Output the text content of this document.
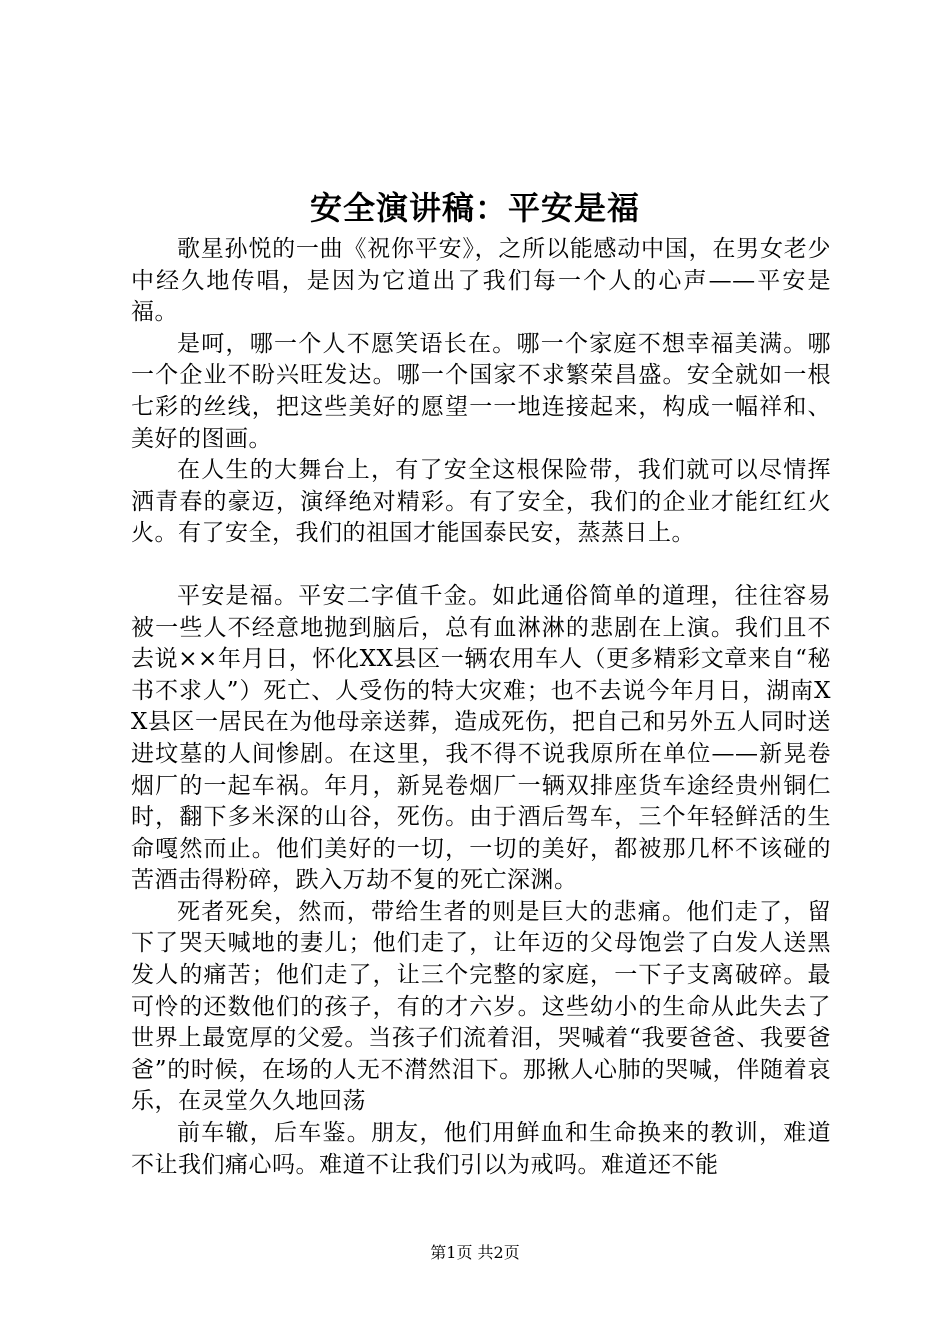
安全演讲稿：平安是福

歌星孙悦的一曲《祝你平安》，之所以能感动中国，在男女老少中经久地传唱，是因为它道出了我们每一个人的心声——平安是福。

是呵，哪一个人不愿笑语长在。哪一个家庭不想幸福美满。哪一个企业不盼兴旺发达。哪一个国家不求繁荣昌盛。安全就如一根七彩的丝线，把这些美好的愿望一一地连接起来，构成一幅祥和、美好的图画。

在人生的大舞台上，有了安全这根保险带，我们就可以尽情挥洒青春的豪迈，演绎绝对精彩。有了安全，我们的企业才能红红火火。有了安全，我们的祖国才能国泰民安，蒸蒸日上。

平安是福。平安二字值千金。如此通俗简单的道理，往往容易被一些人不经意地抛到脑后，总有血淋淋的悲剧在上演。我们且不去说××年月日，怀化XX县区一辆农用车人（更多精彩文章来自“秘书不求人”）死亡、人受伤的特大灾难；也不去说今年月日，湖南XX县区一居民在为他母亲送葬，造成死伤，把自己和另外五人同时送进坟墓的人间惨剧。在这里，我不得不说我原所在单位——新晃卷烟厂的一起车祸。年月，新晃卷烟厂一辆双排座货车途经贵州铜仁时，翻下多米深的山谷，死伤。由于酒后驾车，三个年轻鲜活的生命嘎然而止。他们美好的一切，一切的美好，都被那几杯不该碰的苦酒击得粉碎，跌入万劫不复的死亡深渊。

死者死矣，然而，带给生者的则是巨大的悲痛。他们走了，留下了哭天喊地的妻儿；他们走了，让年迈的父母饱尝了白发人送黑发人的痛苦；他们走了，让三个完整的家庭，一下子支离破碎。最可怜的还数他们的孩子，有的才六岁。这些幼小的生命从此失去了世界上最宽厚的父爱。当孩子们流着泪，哭喊着“我要爸爸、我要爸爸”的时候，在场的人无不潸然泪下。那揪人心肺的哭喊，伴随着哀乐，在灵堂久久地回荡

前车辙，后车鉴。朋友，他们用鲜血和生命换来的教训，难道不让我们痛心吗。难道不让我们引以为戒吗。难道还不能

第1页 共2页
